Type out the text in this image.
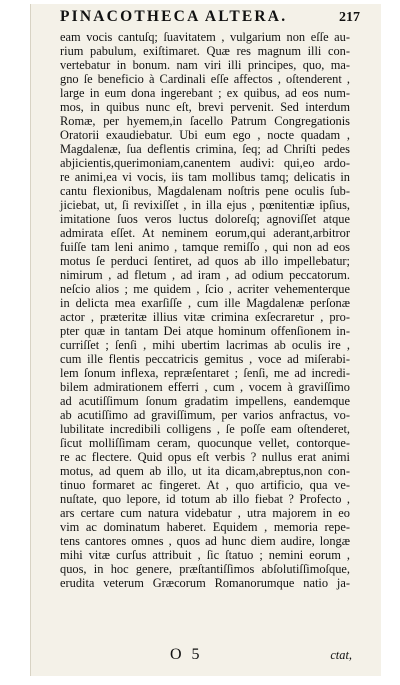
PINACOTHECA ALTERA.	217
eam vocis cantuſq; ſuavitatem , vulgarium non eſſe au-
rium pabulum, exiſtimaret. Quæ res magnum illi con-
vertebatur in bonum. nam viri illi principes, quo, ma-
gno ſe beneficio à Cardinali eſſe affectos , oſtenderent ,
large in eum dona ingerebant ; ex quibus, ad eos num-
mos, in quibus nunc eſt, brevi pervenit. Sed interdum
Romæ, per hyemem,in ſacello Patrum Congregationis
Oratorii exaudiebatur. Ubi eum ego , nocte quadam ,
Magdalenæ, ſua deflentis crimina, ſeq; ad Chriſti pedes
abjicientis,querimoniam,canentem audivi: qui,eo ardo-
re animi,ea vi vocis, iis tam mollibus tamq; delicatis in
cantu flexionibus, Magdalenam noſtris pene oculis ſub-
jiciebat, ut, ſi revixiſſet , in illa ejus , pœnitentiæ ipſius,
imitatione ſuos veros luctus doloreſq; agnoviſſet atque
admirata eſſet. At neminem eorum,qui aderant,arbitror
fuiſſe tam leni animo , tamque remiſſo , qui non ad eos
motus ſe perduci ſentiret, ad quos ab illo impellebatur;
nimirum , ad fletum , ad iram , ad odium peccatorum.
neſcio alios ; me quidem , ſcio , acriter vehementerque
in delicta mea exarſiſſe , cum ille Magdalenæ perſonæ
actor , præteritæ illius vitæ crimina exſecraretur , pro-
pter quæ in tantam Dei atque hominum offenſionem in-
curriſſet ; ſenſi , mihi ubertim lacrimas ab oculis ire ,
cum ille flentis peccatricis gemitus , voce ad miſerabi-
lem ſonum inflexa, repræſentaret ; ſenſi, me ad incredi-
bilem admirationem efferri , cum , vocem à graviſſimo
ad acutiſſimum ſonum gradatim impellens, eandemque
ab acutiſſimo ad graviſſimum, per varios anfractus, vo-
lubilitate incredibili colligens , ſe poſſe eam oſtenderet,
ſicut molliſſimam ceram, quocunque vellet, contorque-
re ac flectere. Quid opus eſt verbis ? nullus erat animi
motus, ad quem ab illo, ut ita dicam,abreptus,non con-
tinuo formaret ac fingeret. At , quo artificio, qua ve-
nuſtate, quo lepore, id totum ab illo fiebat ? Profecto ,
ars certare cum natura videbatur , utra majorem in eo
vim ac dominatum haberet. Equidem , memoria repe-
tens cantores omnes , quos ad hunc diem audire, longæ
mihi vitæ curſus attribuit , ſic ſtatuo ; nemini eorum ,
quos, in hoc genere, præſtantiſſimos abſolutiſſimoſque,
erudita veterum Græcorum Romanorumque natio ja-
O 5	ctat,
